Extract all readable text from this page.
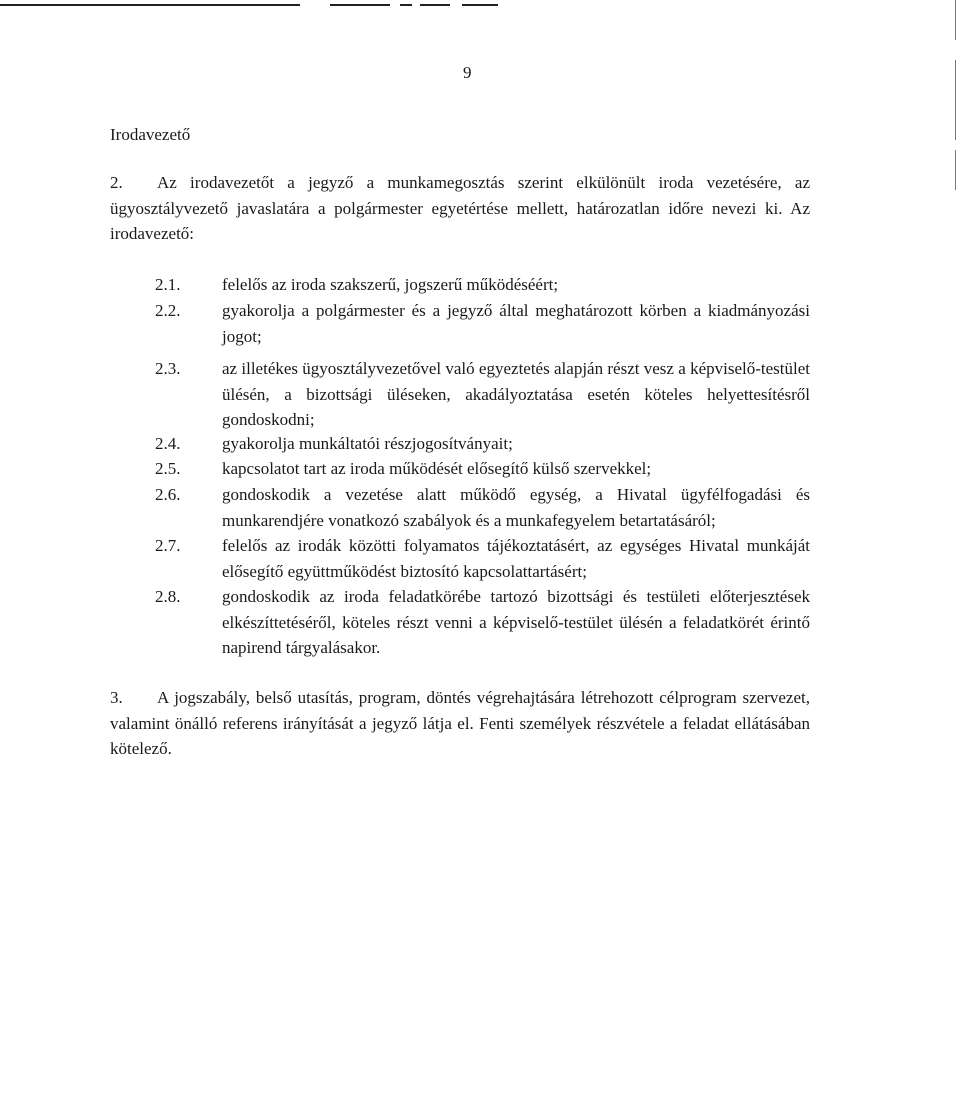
9
Irodavezető
2.	Az irodavezetőt a jegyző a munkamegosztás szerint elkülönült iroda vezetésére, az ügyosztályvezető javaslatára a polgármester egyetértése mellett, határozatlan időre nevezi ki. Az irodavezető:
2.1. felelős az iroda szakszerű, jogszerű működéséért;
2.2. gyakorolja a polgármester és a jegyző által meghatározott körben a kiadmányozási jogot;
2.3. az illetékes ügyosztályvezetővel való egyeztetés alapján részt vesz a képviselő-testület ülésén, a bizottsági üléseken, akadályoztatása esetén köteles helyettesítésről gondoskodni;
2.4. gyakorolja munkáltatói részjogosítványait;
2.5. kapcsolatot tart az iroda működését elősegítő külső szervekkel;
2.6. gondoskodik a vezetése alatt működő egység, a Hivatal ügyfélfogadási és munkarendjére vonatkozó szabályok és a munkafegyelem betartatásáról;
2.7. felelős az irodák közötti folyamatos tájékoztatásért, az egységes Hivatal munkáját elősegítő együttműködést biztosító kapcsolattartásért;
2.8. gondoskodik az iroda feladatkörébe tartozó bizottsági és testületi előterjesztések elkészíttetéséről, köteles részt venni a képviselő-testület ülésén a feladatkörét érintő napirend tárgyalásakor.
3.	A jogszabály, belső utasítás, program, döntés végrehajtására létrehozott célprogram szervezet, valamint önálló referens irányítását a jegyző látja el. Fenti személyek részvétele a feladat ellátásában kötelező.
